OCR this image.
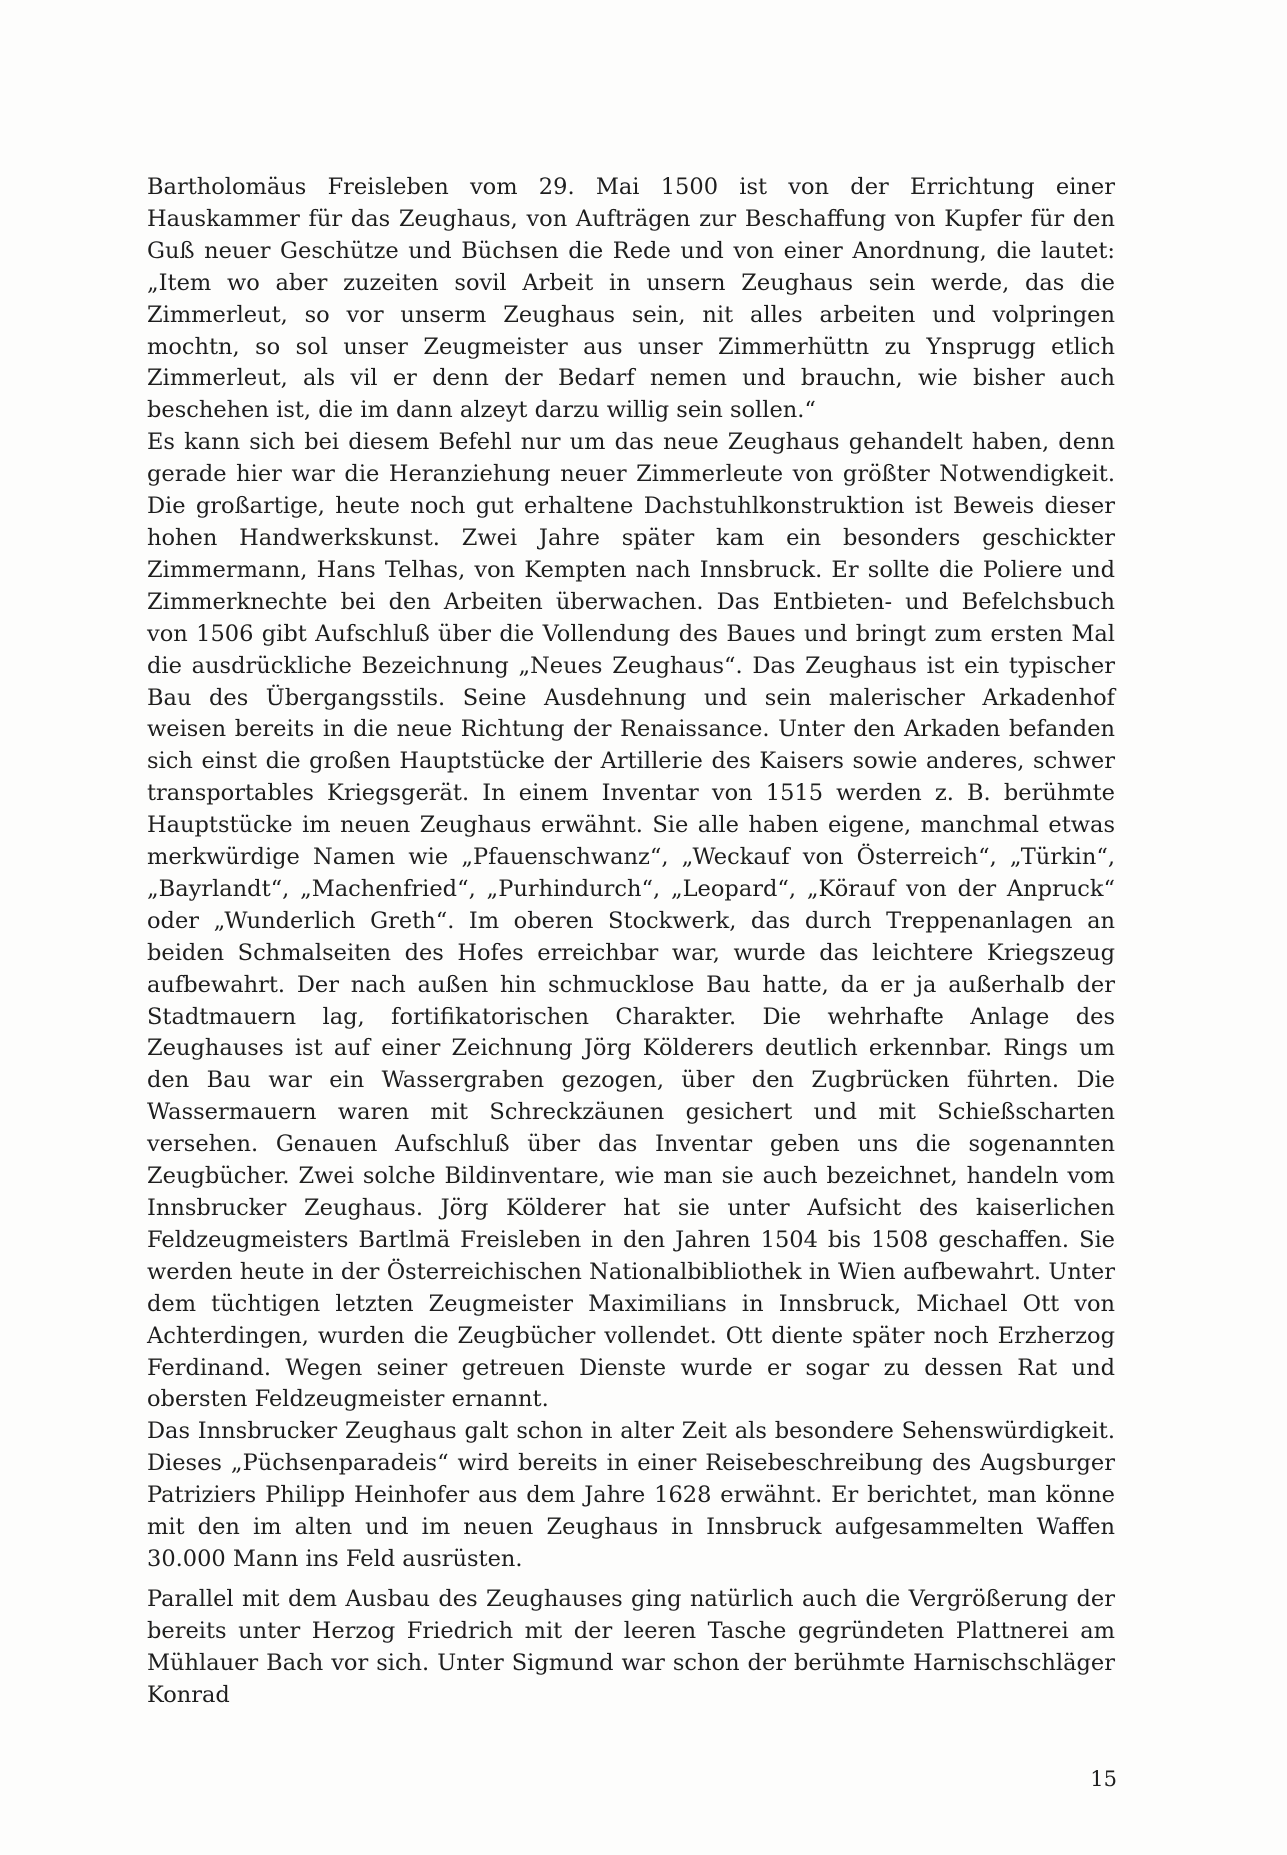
Bartholomäus Freisleben vom 29. Mai 1500 ist von der Errichtung einer Hauskammer für das Zeughaus, von Aufträgen zur Beschaffung von Kupfer für den Guß neuer Geschütze und Büchsen die Rede und von einer Anordnung, die lautet: „Item wo aber zuzeiten sovil Arbeit in unsern Zeughaus sein werde, das die Zimmerleut, so vor unserm Zeughaus sein, nit alles arbeiten und volpringen mochtn, so sol unser Zeugmeister aus unser Zimmerhüttn zu Ynsprugg etlich Zimmerleut, als vil er denn der Bedarf nemen und brauchn, wie bisher auch beschehen ist, die im dann alzeyt darzu willig sein sollen.“

Es kann sich bei diesem Befehl nur um das neue Zeughaus gehandelt haben, denn gerade hier war die Heranziehung neuer Zimmerleute von größter Notwendigkeit. Die großartige, heute noch gut erhaltene Dachstuhlkonstruktion ist Beweis dieser hohen Handwerkskunst. Zwei Jahre später kam ein besonders geschickter Zimmermann, Hans Telhas, von Kempten nach Innsbruck. Er sollte die Poliere und Zimmerknechte bei den Arbeiten überwachen. Das Entbieten- und Befelchsbuch von 1506 gibt Aufschluß über die Vollendung des Baues und bringt zum ersten Mal die ausdrückliche Bezeichnung „Neues Zeughaus“. Das Zeughaus ist ein typischer Bau des Übergangsstils. Seine Ausdehnung und sein malerischer Arkadenhof weisen bereits in die neue Richtung der Renaissance. Unter den Arkaden befanden sich einst die großen Hauptstücke der Artillerie des Kaisers sowie anderes, schwer transportables Kriegsgerät. In einem Inventar von 1515 werden z. B. berühmte Hauptstücke im neuen Zeughaus erwähnt. Sie alle haben eigene, manchmal etwas merkwürdige Namen wie „Pfauenschwanz“, „Weckauf von Österreich“, „Türkin“, „Bayrlandt“, „Machenfried“, „Purhindurch“, „Leopard“, „Körauf von der Anpruck“ oder „Wunderlich Greth“. Im oberen Stockwerk, das durch Treppenanlagen an beiden Schmalseiten des Hofes erreichbar war, wurde das leichtere Kriegszeug aufbewahrt. Der nach außen hin schmucklose Bau hatte, da er ja außerhalb der Stadtmauern lag, fortifikatorischen Charakter. Die wehrhafte Anlage des Zeughauses ist auf einer Zeichnung Jörg Kölderers deutlich erkennbar. Rings um den Bau war ein Wassergraben gezogen, über den Zugbrücken führten. Die Wassermauern waren mit Schreckzäunen gesichert und mit Schießscharten versehen. Genauen Aufschluß über das Inventar geben uns die sogenannten Zeugbücher. Zwei solche Bildinventare, wie man sie auch bezeichnet, handeln vom Innsbrucker Zeughaus. Jörg Kölderer hat sie unter Aufsicht des kaiserlichen Feldzeugmeisters Bartlmä Freisleben in den Jahren 1504 bis 1508 geschaffen. Sie werden heute in der Österreichischen Nationalbibliothek in Wien aufbewahrt. Unter dem tüchtigen letzten Zeugmeister Maximilians in Innsbruck, Michael Ott von Achterdingen, wurden die Zeugbücher vollendet. Ott diente später noch Erzherzog Ferdinand. Wegen seiner getreuen Dienste wurde er sogar zu dessen Rat und obersten Feldzeugmeister ernannt.

Das Innsbrucker Zeughaus galt schon in alter Zeit als besondere Sehenswürdigkeit. Dieses „Püchsenparadeis“ wird bereits in einer Reisebeschreibung des Augsburger Patriziers Philipp Heinhofer aus dem Jahre 1628 erwähnt. Er berichtet, man könne mit den im alten und im neuen Zeughaus in Innsbruck aufgesammelten Waffen 30.000 Mann ins Feld ausrüsten.

Parallel mit dem Ausbau des Zeughauses ging natürlich auch die Vergrößerung der bereits unter Herzog Friedrich mit der leeren Tasche gegründeten Plattnerei am Mühlauer Bach vor sich. Unter Sigmund war schon der berühmte Harnischschläger Konrad

15
